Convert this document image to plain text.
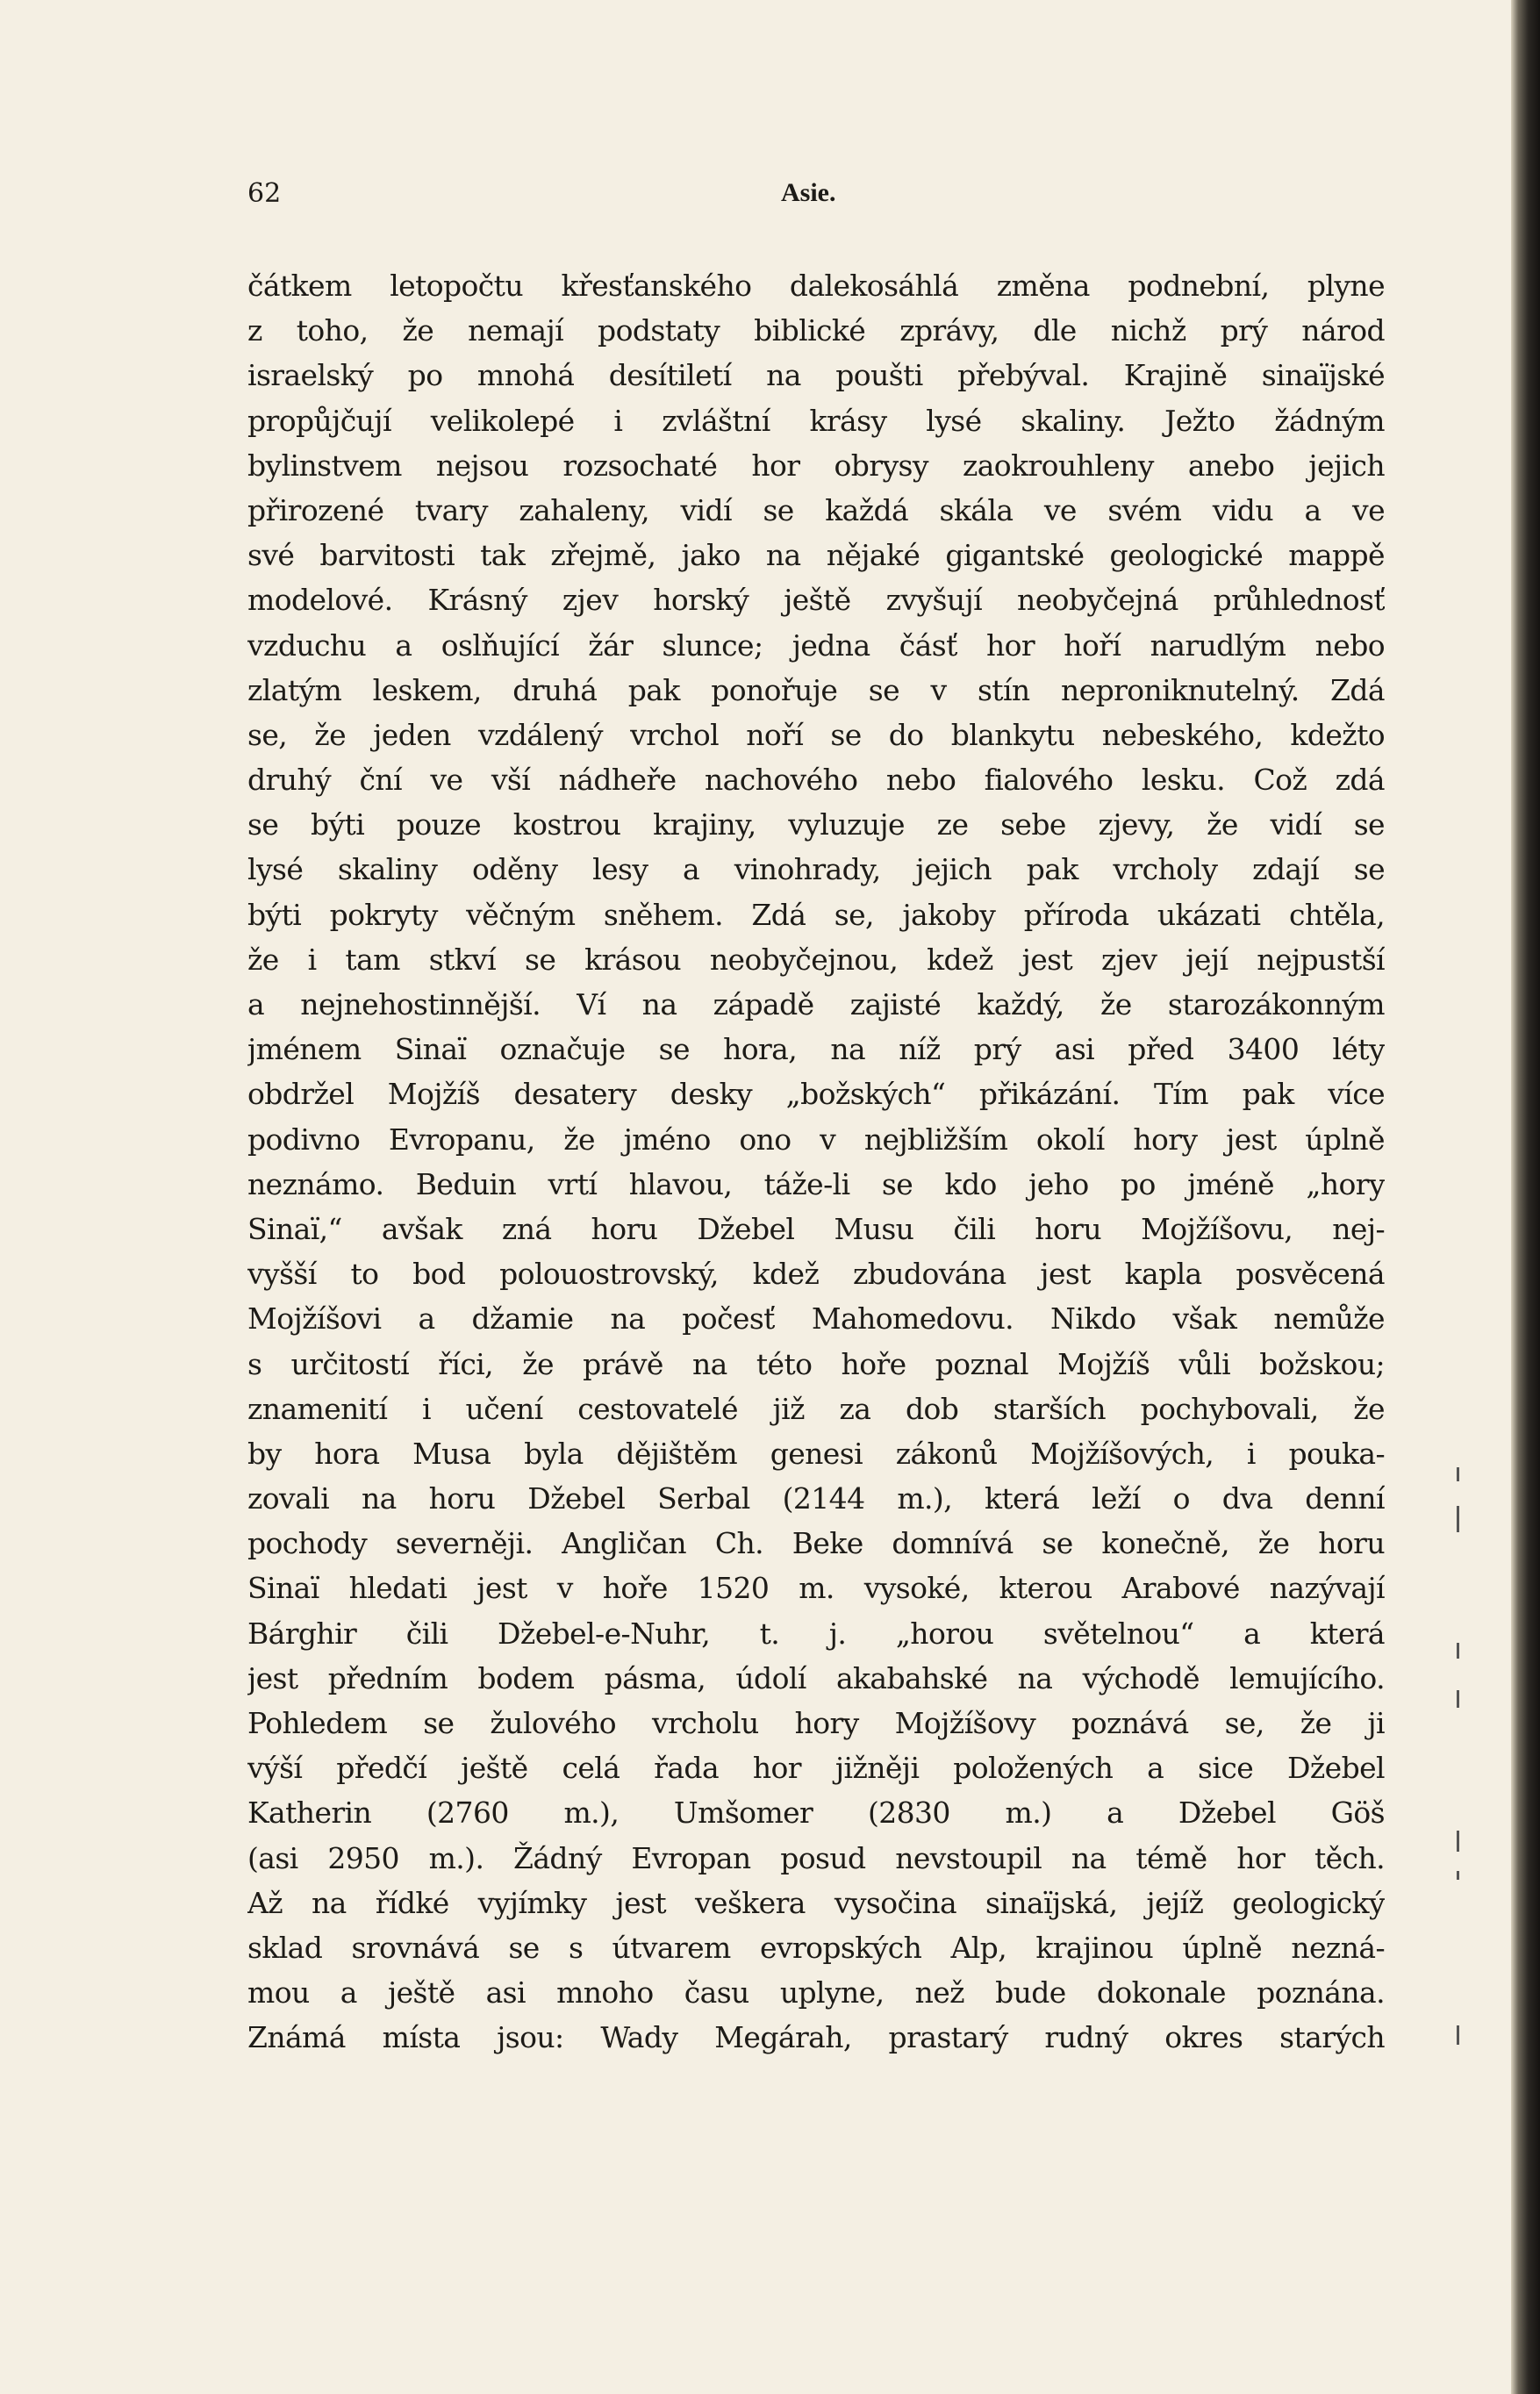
62	Asie.
čátkem letopočtu křesťanského dalekosáhlá změna podnební, plyne
z toho, že nemají podstaty biblické zprávy, dle nichž prý národ
israelský po mnohá desítiletí na poušti přebýval. Krajině sinaïjské
propůjčují velikolepé i zvláštní krásy lysé skaliny. Ježto žádným
bylinstvem nejsou rozsochaté hor obrysy zaokrouhleny anebo jejich
přirozené tvary zahaleny, vidí se každá skála ve svém vidu a ve
své barvitosti tak zřejmě, jako na nějaké gigantské geologické mappě
modelové. Krásný zjev horský ještě zvyšují neobyčejná průhlednosť
vzduchu a oslňující žár slunce; jedna čásť hor hoří narudlým nebo
zlatým leskem, druhá pak ponořuje se v stín neproniknutelný. Zdá
se, že jeden vzdálený vrchol noří se do blankytu nebeského, kdežto
druhý ční ve vší nádheře nachového nebo fialového lesku. Což zdá
se býti pouze kostrou krajiny, vyluzuje ze sebe zjevy, že vidí se
lysé skaliny oděny lesy a vinohrady, jejich pak vrcholy zdají se
býti pokryty věčným sněhem. Zdá se, jakoby příroda ukázati chtěla,
že i tam stkví se krásou neobyčejnou, kdež jest zjev její nejpustší
a nejnehostinnější. Ví na západě zajisté každý, že starozákonným
jménem Sinaï označuje se hora, na níž prý asi před 3400 léty
obdržel Mojžíš desatery desky „božských“ přikázání. Tím pak více
podivno Evropanu, že jméno ono v nejbližším okolí hory jest úplně
neznámo. Beduin vrtí hlavou, táže-li se kdo jeho po jméně „hory
Sinaï,“ avšak zná horu Džebel Musu čili horu Mojžíšovu, nej-
vyšší to bod polouostrovský, kdež zbudována jest kapla posvěcená
Mojžíšovi a džamie na počesť Mahomedovu. Nikdo však nemůže
s určitostí říci, že právě na této hoře poznal Mojžíš vůli božskou;
znamenití i učení cestovatelé již za dob starších pochybovali, že
by hora Musa byla dějištěm genesi zákonů Mojžíšových, i pouka-
zovali na horu Džebel Serbal (2144 m.), která leží o dva denní
pochody severněji. Angličan Ch. Beke domnívá se konečně, že horu
Sinaï hledati jest v hoře 1520 m. vysoké, kterou Arabové nazývají
Bárghir čili Džebel-e-Nuhr, t. j. „horou světelnou“ a která
jest předním bodem pásma, údolí akabahské na východě lemujícího.
Pohledem se žulového vrcholu hory Mojžíšovy poznává se, že ji
výší předčí ještě celá řada hor jižněji položených a sice Džebel
Katherin (2760 m.), Umšomer (2830 m.) a Džebel Göš
(asi 2950 m.). Žádný Evropan posud nevstoupil na témě hor těch.
Až na řídké vyjímky jest veškera vysočina sinaïjská, jejíž geologický
sklad srovnává se s útvarem evropských Alp, krajinou úplně nezná-
mou a ještě asi mnoho času uplyne, než bude dokonale poznána.
Známá místa jsou: Wady Megárah, prastarý rudný okres starých
